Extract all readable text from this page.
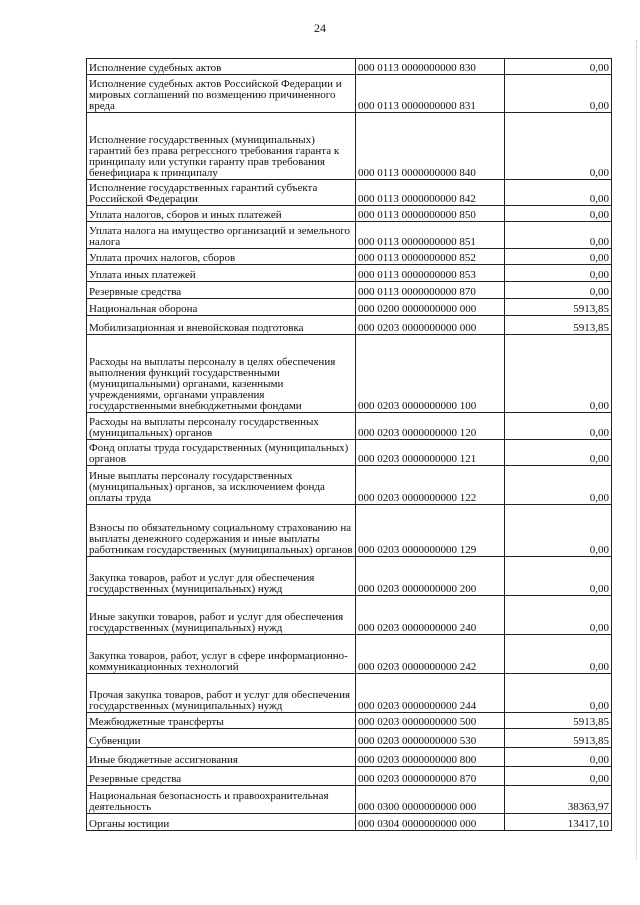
24
Исполнение судебных актов	000 0113 0000000000 830	0,00
Исполнение судебных актов Российской Федерации и мировых соглашений по возмещению причиненного вреда	000 0113 0000000000 831	0,00
Исполнение государственных (муниципальных) гарантий без права регрессного требования гаранта к принципалу или уступки гаранту прав требования бенефициара к принципалу	000 0113 0000000000 840	0,00
Исполнение государственных гарантий субъекта Российской Федерации	000 0113 0000000000 842	0,00
Уплата налогов, сборов и иных платежей	000 0113 0000000000 850	0,00
Уплата налога на имущество организаций и земельного налога	000 0113 0000000000 851	0,00
Уплата прочих налогов, сборов	000 0113 0000000000 852	0,00
Уплата иных платежей	000 0113 0000000000 853	0,00
Резервные средства	000 0113 0000000000 870	0,00
Национальная оборона	000 0200 0000000000 000	5913,85
Мобилизационная и вневойсковая подготовка	000 0203 0000000000 000	5913,85
Расходы на выплаты персоналу в целях обеспечения выполнения функций государственными (муниципальными) органами, казенными учреждениями, органами управления государственными внебюджетными фондами	000 0203 0000000000 100	0,00
Расходы на выплаты персоналу государственных (муниципальных) органов	000 0203 0000000000 120	0,00
Фонд оплаты труда государственных (муниципальных) органов	000 0203 0000000000 121	0,00
Иные выплаты персоналу государственных (муниципальных) органов, за исключением фонда оплаты труда	000 0203 0000000000 122	0,00
Взносы по обязательному социальному страхованию на выплаты денежного содержания и иные выплаты работникам государственных (муниципальных) органов	000 0203 0000000000 129	0,00
Закупка товаров, работ и услуг для обеспечения государственных (муниципальных) нужд	000 0203 0000000000 200	0,00
Иные закупки товаров, работ и услуг для обеспечения государственных (муниципальных) нужд	000 0203 0000000000 240	0,00
Закупка товаров, работ, услуг в сфере информационно-коммуникационных технологий	000 0203 0000000000 242	0,00
Прочая закупка товаров, работ и услуг для обеспечения государственных (муниципальных) нужд	000 0203 0000000000 244	0,00
Межбюджетные трансферты	000 0203 0000000000 500	5913,85
Субвенции	000 0203 0000000000 530	5913,85
Иные бюджетные ассигнования	000 0203 0000000000 800	0,00
Резервные средства	000 0203 0000000000 870	0,00
Национальная безопасность и правоохранительная деятельность	000 0300 0000000000 000	38363,97
Органы юстиции	000 0304 0000000000 000	13417,10
